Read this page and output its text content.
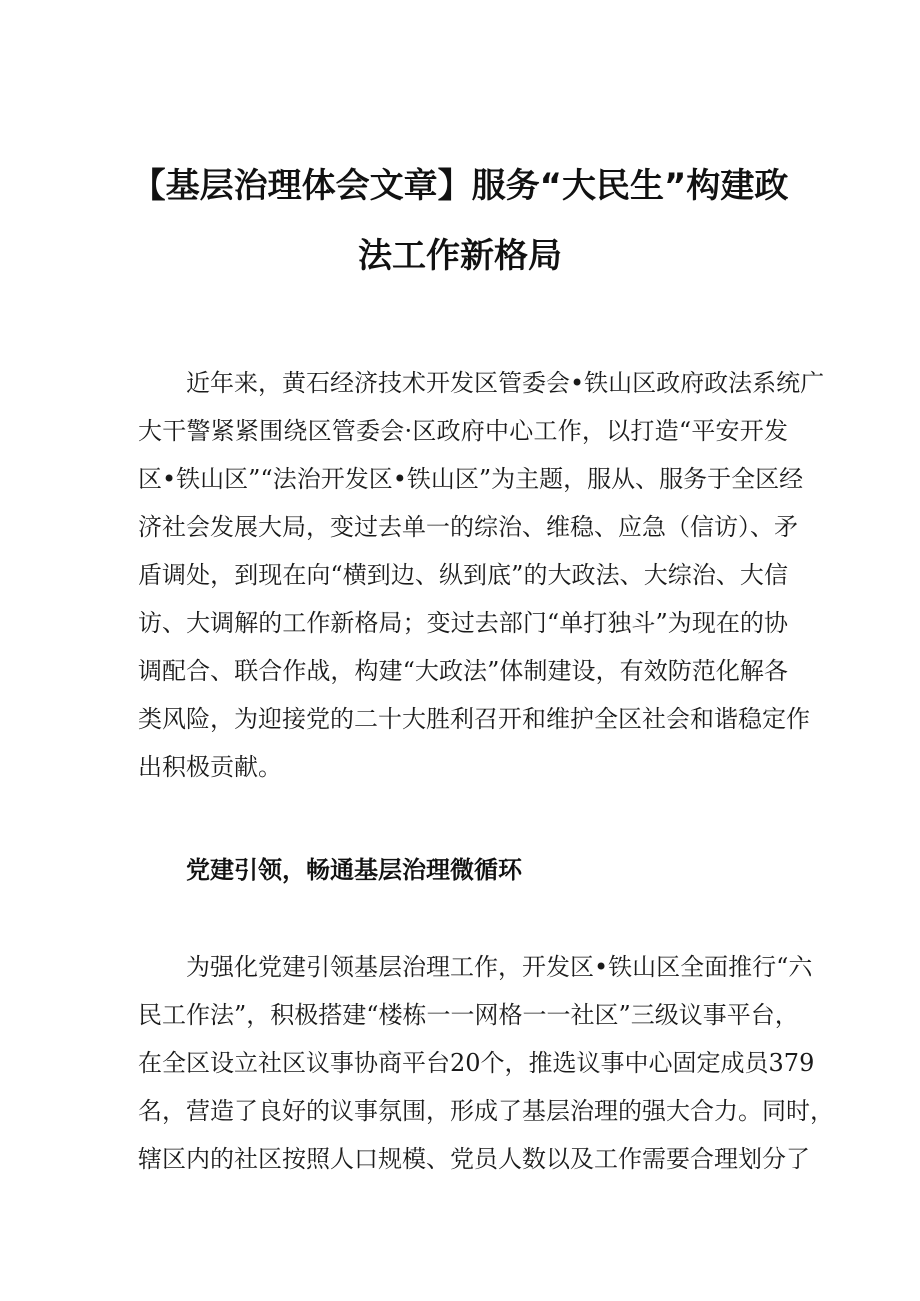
【基层治理体会文章】服务“大民生”构建政
法工作新格局
近年来，黄石经济技术开发区管委会•铁山区政府政法系统广
大干警紧紧围绕区管委会·区政府中心工作，以打造“平安开发
区•铁山区”“法治开发区•铁山区”为主题，服从、服务于全区经
济社会发展大局，变过去单一的综治、维稳、应急（信访）、矛
盾调处，到现在向“横到边、纵到底”的大政法、大综治、大信
访、大调解的工作新格局；变过去部门“单打独斗”为现在的协
调配合、联合作战，构建“大政法”体制建设，有效防范化解各
类风险，为迎接党的二十大胜利召开和维护全区社会和谐稳定作
出积极贡献。
党建引领，畅通基层治理微循环
为强化党建引领基层治理工作，开发区•铁山区全面推行“六
民工作法”，积极搭建“楼栋一一网格一一社区”三级议事平台，
在全区设立社区议事协商平台20个，推选议事中心固定成员379
名，营造了良好的议事氛围，形成了基层治理的强大合力。同时，
辖区内的社区按照人口规模、党员人数以及工作需要合理划分了
